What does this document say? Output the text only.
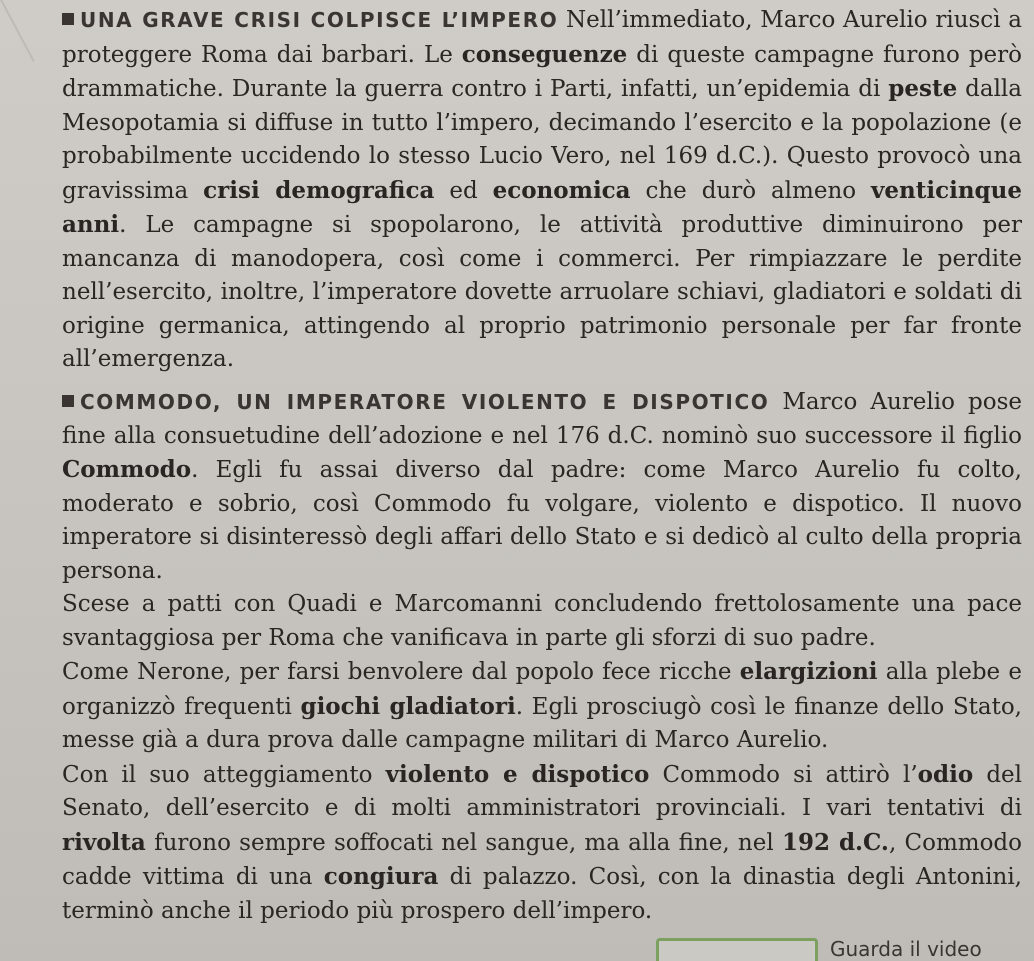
UNA GRAVE CRISI COLPISCE L’IMPERO Nell’immediato, Marco Aurelio riuscì a proteggere Roma dai barbari. Le conseguenze di queste campagne furono però drammatiche. Durante la guerra contro i Parti, infatti, un’epidemia di peste dalla Mesopotamia si diffuse in tutto l’impero, decimando l’esercito e la popolazione (e probabilmente uccidendo lo stesso Lucio Vero, nel 169 d.C.). Questo provocò una gravissima crisi demografica ed economica che durò almeno venticinque anni. Le campagne si spopolarono, le attività produttive diminuirono per mancanza di manodopera, così come i commerci. Per rimpiazzare le perdite nell’esercito, inoltre, l’imperatore dovette arruolare schiavi, gladiatori e soldati di origine germanica, attingendo al proprio patrimonio personale per far fronte all’emergenza.
COMMODO, UN IMPERATORE VIOLENTO E DISPOTICO Marco Aurelio pose fine alla consuetudine dell’adozione e nel 176 d.C. nominò suo successore il figlio Commodo. Egli fu assai diverso dal padre: come Marco Aurelio fu colto, moderato e sobrio, così Commodo fu volgare, violento e dispotico. Il nuovo imperatore si disinteressò degli affari dello Stato e si dedicò al culto della propria persona.
Scese a patti con Quadi e Marcomanni concludendo frettolosamente una pace svantaggiosa per Roma che vanificava in parte gli sforzi di suo padre.
Come Nerone, per farsi benvolere dal popolo fece ricche elargizioni alla plebe e organizzò frequenti giochi gladiatori. Egli prosciugò così le finanze dello Stato, messe già a dura prova dalle campagne militari di Marco Aurelio.
Con il suo atteggiamento violento e dispotico Commodo si attirò l’odio del Senato, dell’esercito e di molti amministratori provinciali. I vari tentativi di rivolta furono sempre soffocati nel sangue, ma alla fine, nel 192 d.C., Commodo cadde vittima di una congiura di palazzo. Così, con la dinastia degli Antonini, terminò anche il periodo più prospero dell’impero.
Guarda il video
